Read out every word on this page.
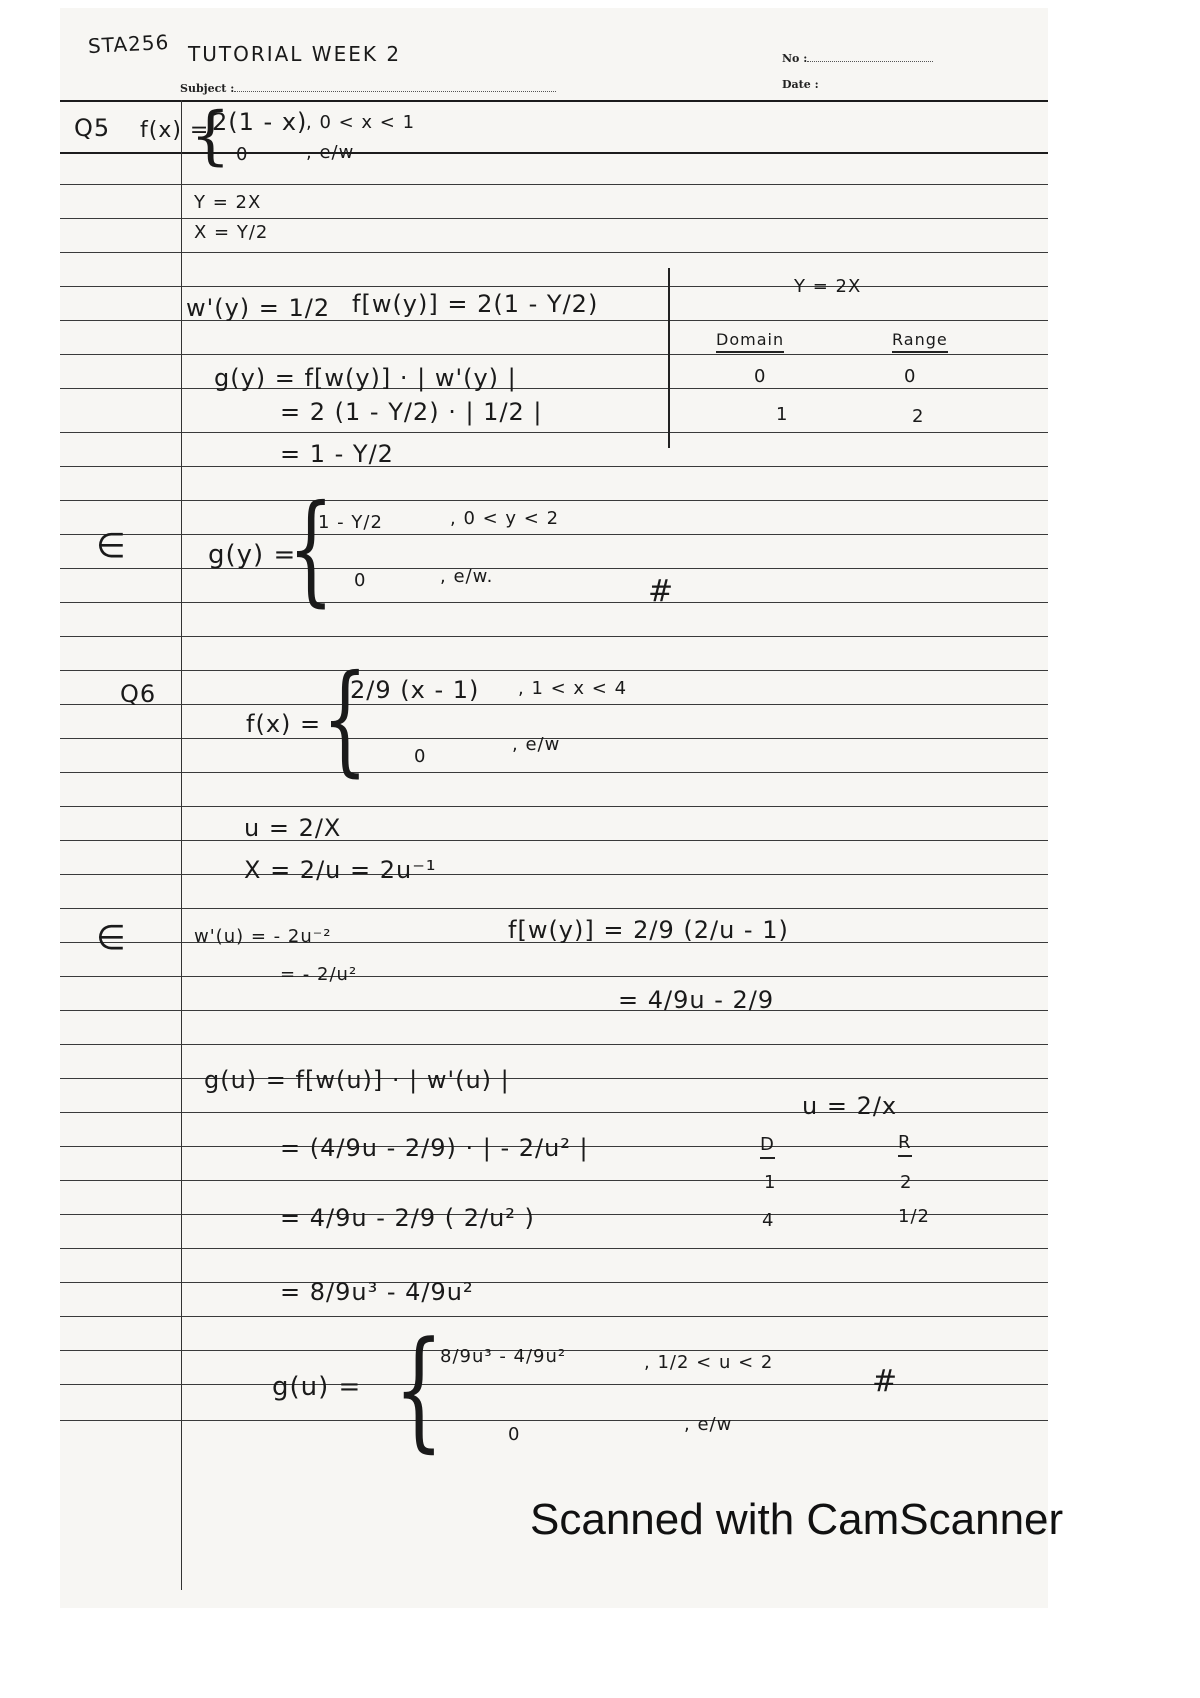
STA256 TUTORIAL WEEK 2
Subject :
No :
Date :
Q5 f(x) =
{
2(1 - x)
, 0 < x < 1
0	, e/w
Y = 2X
X = Y/2
w'(y) = 1/2 f[w(y)] = 2(1 - Y/2)
g(y) = f[w(y)] · | w'(y) |
= 2 (1 - Y/2) · | 1/2 |
= 1 - Y/2
Y = 2X
Domain	Range
0	0
1	2
∈	g(y) =
{
1 - Y/2	, 0 < y < 2
0	, e/w.	#
Q6
f(x) = {
2/9 (x - 1) , 1 < x < 4
0
, e/w
u = 2/X
X = 2/u = 2u⁻¹
∈	w'(u) = - 2u⁻²
= - 2/u²
f[w(y)] = 2/9 (2/u - 1)
= 4/9u - 2/9
g(u) = f[w(u)] · | w'(u) |
= (4/9u - 2/9) · | - 2/u² |
= 4/9u - 2/9 ( 2/u² )
= 8/9u³ - 4/9u²
u = 2/x
D	R
1	2
4	1/2
g(u) = {
8/9u³ - 4/9u²	, 1/2 < u < 2
0	, e/w
#
Scanned with CamScanner
